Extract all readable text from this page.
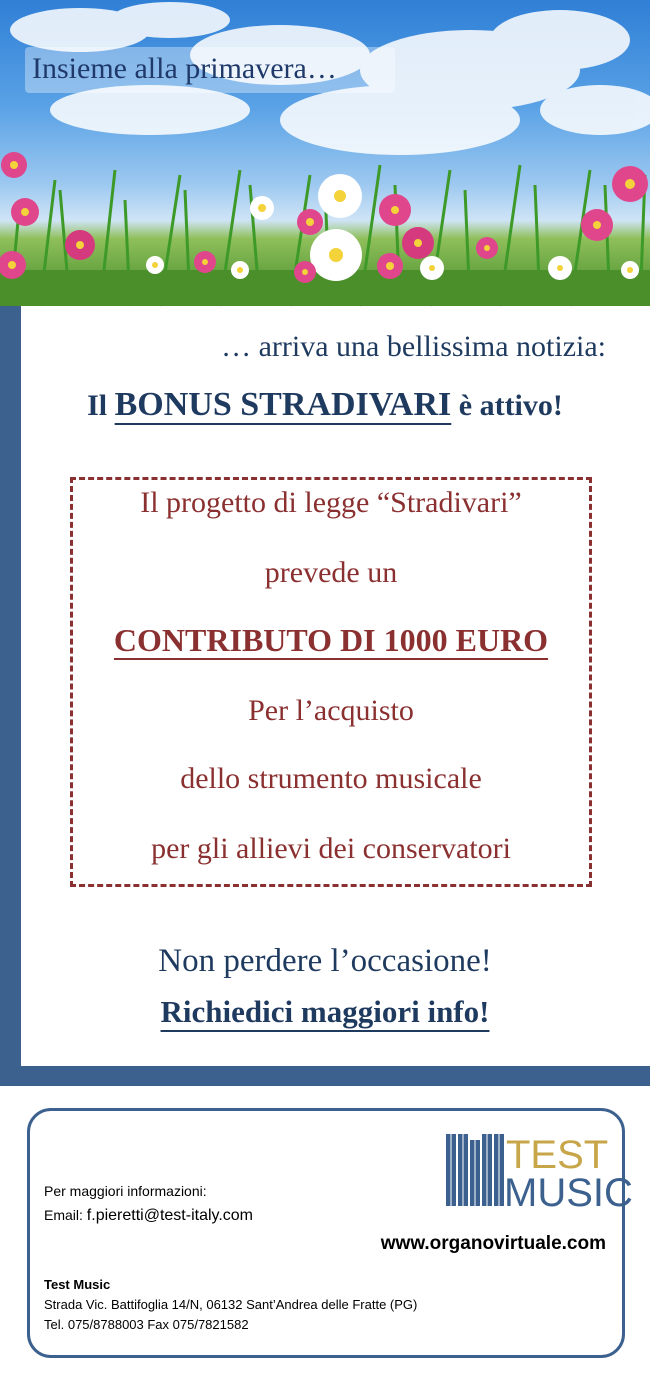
Insieme alla primavera…
… arriva una bellissima notizia:
Il BONUS STRADIVARI è attivo!
Il progetto di legge “Stradivari”
prevede un
CONTRIBUTO DI 1000 EURO
Per l’acquisto
dello strumento musicale
per gli allievi dei conservatori
Non perdere l’occasione!
Richiedici maggiori info!
TEST
MUSIC
Per maggiori informazioni:
Email: f.pieretti@test-italy.com
www.organovirtuale.com
Test Music
Strada Vic. Battifoglia 14/N, 06132 Sant’Andrea delle Fratte (PG)
Tel. 075/8788003 Fax 075/7821582
